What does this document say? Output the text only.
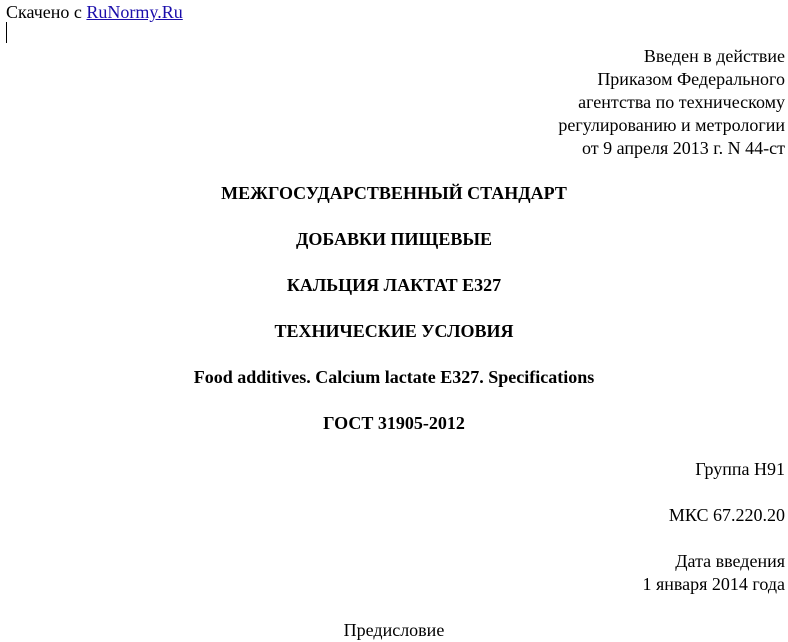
Скачено с RuNormy.Ru
Введен в действие
Приказом Федерального
агентства по техническому
регулированию и метрологии
от 9 апреля 2013 г. N 44-ст
МЕЖГОСУДАРСТВЕННЫЙ СТАНДАРТ
ДОБАВКИ ПИЩЕВЫЕ
КАЛЬЦИЯ ЛАКТАТ Е327
ТЕХНИЧЕСКИЕ УСЛОВИЯ
Food additives. Calcium lactate E327. Specifications
ГОСТ 31905-2012
Группа Н91
МКС 67.220.20
Дата введения
1 января 2014 года
Предисловие
